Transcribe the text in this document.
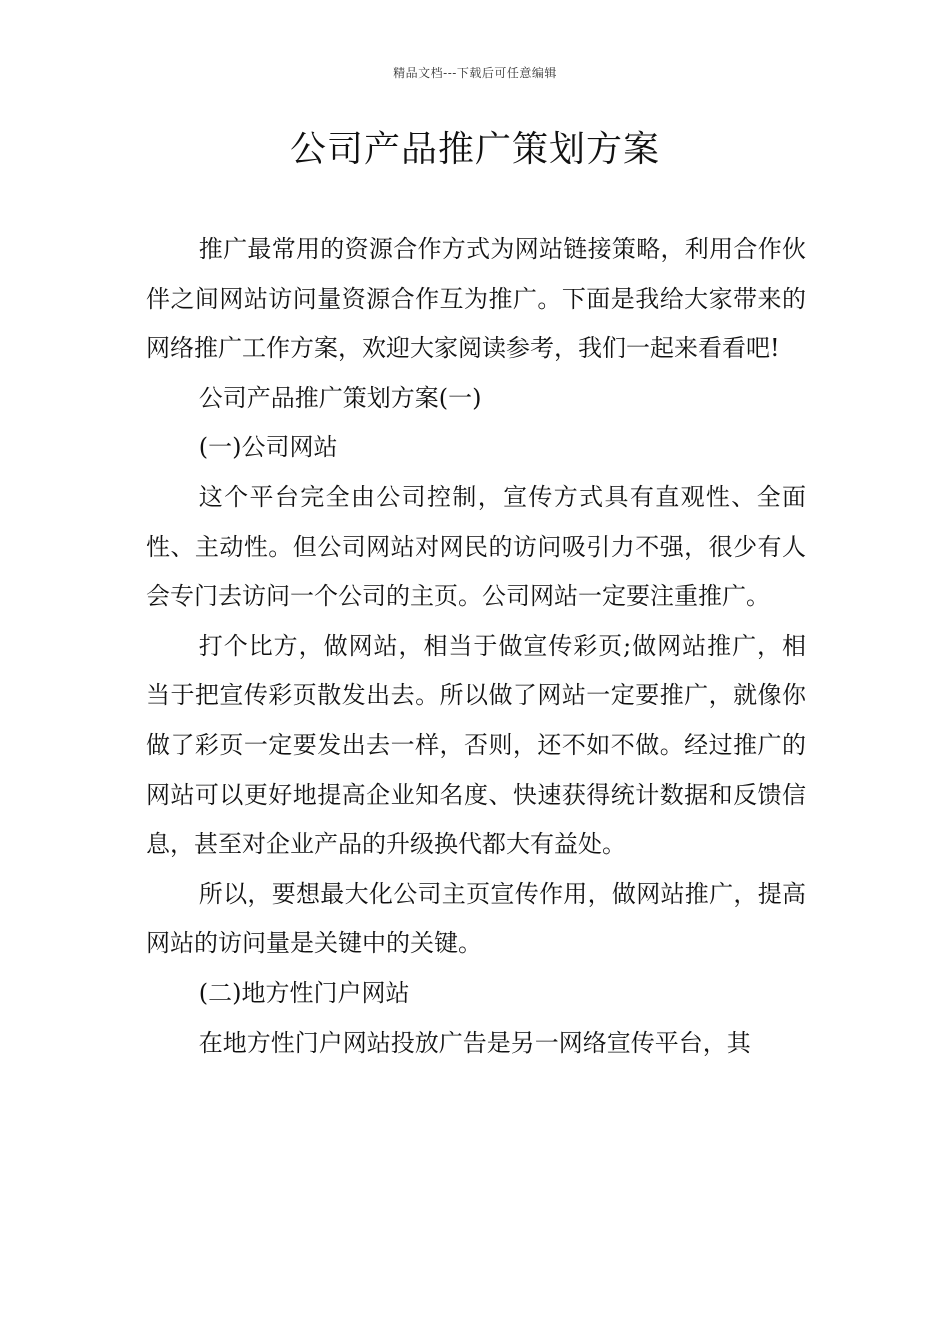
精品文档---下载后可任意编辑
公司产品推广策划方案

推广最常用的资源合作方式为网站链接策略，利用合作伙伴之间网站访问量资源合作互为推广。下面是我给大家带来的网络推广工作方案，欢迎大家阅读参考，我们一起来看看吧!

公司产品推广策划方案(一)

(一)公司网站

这个平台完全由公司控制，宣传方式具有直观性、全面性、主动性。但公司网站对网民的访问吸引力不强，很少有人会专门去访问一个公司的主页。公司网站一定要注重推广。

打个比方，做网站，相当于做宣传彩页;做网站推广，相当于把宣传彩页散发出去。所以做了网站一定要推广，就像你做了彩页一定要发出去一样，否则，还不如不做。经过推广的网站可以更好地提高企业知名度、快速获得统计数据和反馈信息，甚至对企业产品的升级换代都大有益处。

所以，要想最大化公司主页宣传作用，做网站推广，提高网站的访问量是关键中的关键。

(二)地方性门户网站

在地方性门户网站投放广告是另一网络宣传平台，其
